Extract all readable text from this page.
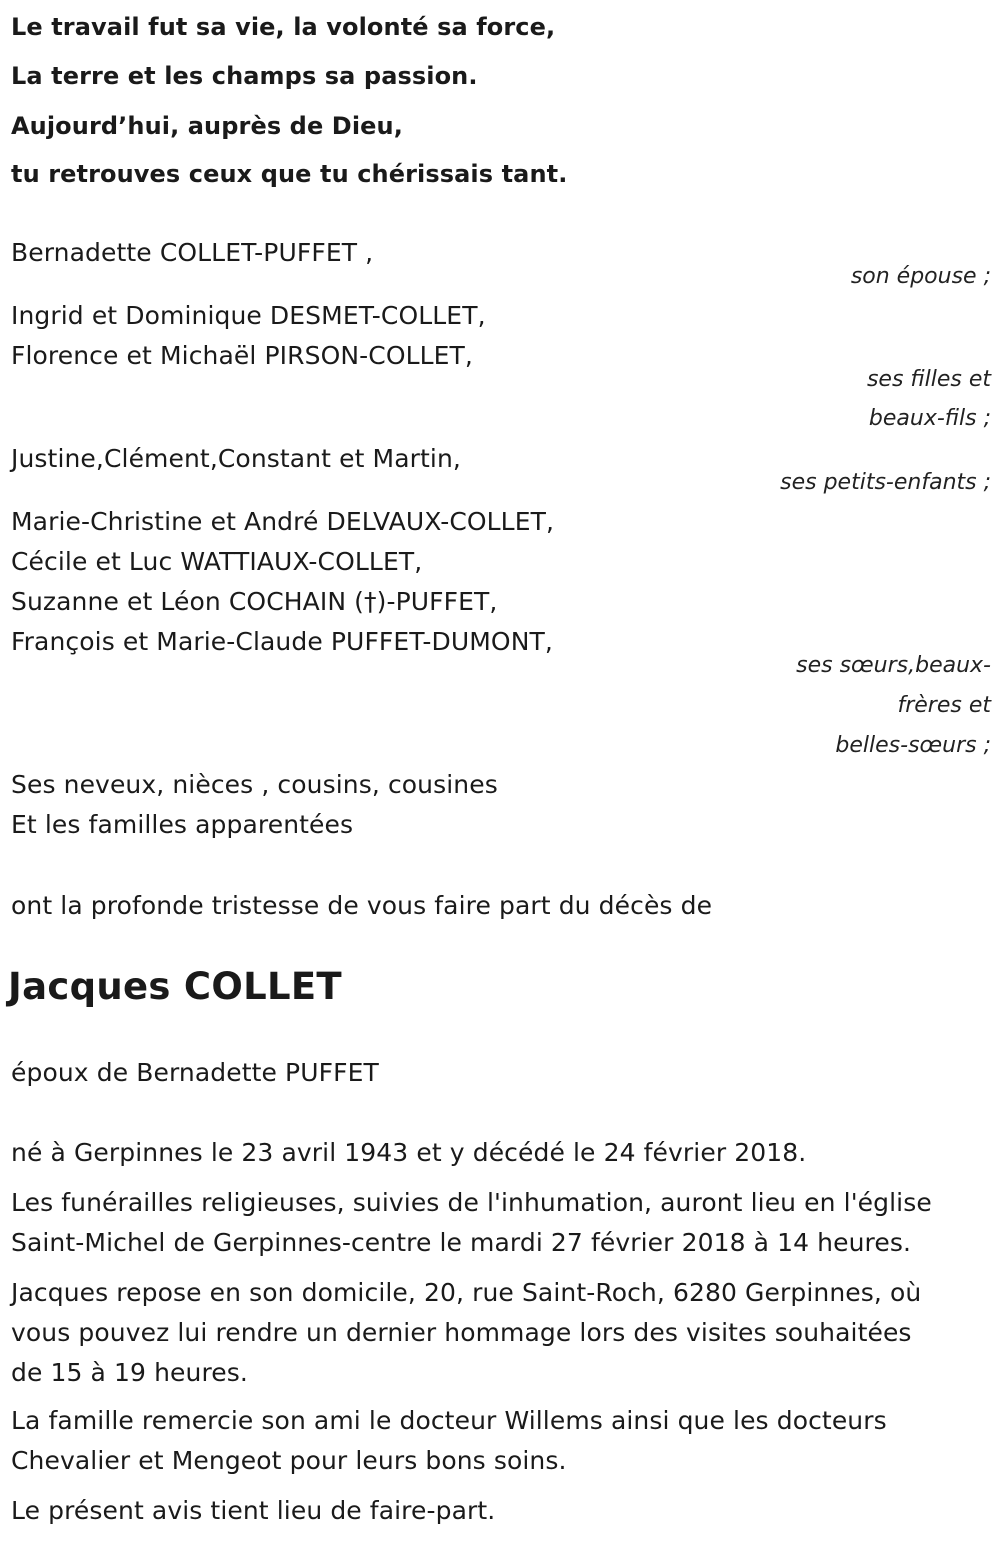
Le travail fut sa vie, la volonté sa force,
La terre et les champs sa passion.
Aujourd’hui, auprès de Dieu,
tu retrouves ceux que tu chérissais tant.
Bernadette COLLET-PUFFET ,
son épouse ;
Ingrid et Dominique DESMET-COLLET,
Florence et Michaël PIRSON-COLLET,
ses filles et
beaux-fils ;
Justine,Clément,Constant et Martin,
ses petits-enfants ;
Marie-Christine et André DELVAUX-COLLET,
Cécile et Luc WATTIAUX-COLLET,
Suzanne et Léon COCHAIN (†)-PUFFET,
François et Marie-Claude PUFFET-DUMONT,
ses sœurs,beaux-
frères et
belles-sœurs ;
Ses neveux, nièces , cousins, cousines
Et les familles apparentées
ont la profonde tristesse de vous faire part du décès de
Jacques COLLET
époux de Bernadette PUFFET
né à Gerpinnes le 23 avril 1943 et y décédé le 24 février 2018.
Les funérailles religieuses, suivies de l'inhumation, auront lieu en l'église
Saint-Michel de Gerpinnes-centre le mardi 27 février 2018 à 14 heures.
Jacques repose en son domicile, 20, rue Saint-Roch, 6280 Gerpinnes, où
vous pouvez lui rendre un dernier hommage lors des visites souhaitées
de 15 à 19 heures.
La famille remercie son ami le docteur Willems ainsi que les docteurs
Chevalier et Mengeot pour leurs bons soins.
Le présent avis tient lieu de faire-part.
